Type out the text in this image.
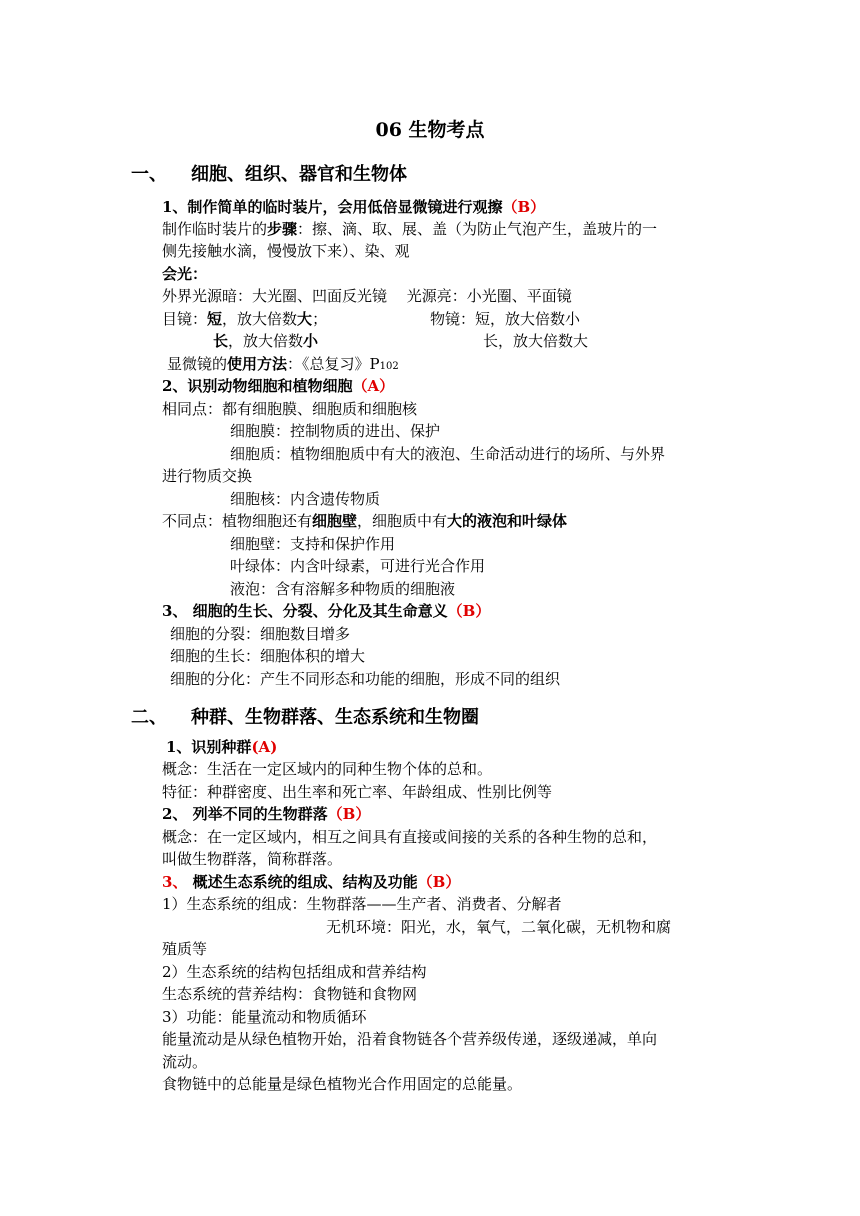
06 生物考点
一、 细胞、组织、器官和生物体
1、制作简单的临时装片，会用低倍显微镜进行观擦（B）
制作临时装片的步骤：擦、滴、取、展、盖（为防止气泡产生，盖玻片的一
侧先接触水滴，慢慢放下来）、染、观
会光：
外界光源暗：大光圈、凹面反光镜　 光源亮：小光圈、平面镜
目镜：短，放大倍数大；	物镜：短，放大倍数小
长，放大倍数小	长，放大倍数大
显微镜的使用方法：《总复习》P102
2、识别动物细胞和植物细胞（A）
相同点：都有细胞膜、细胞质和细胞核
细胞膜：控制物质的进出、保护
细胞质：植物细胞质中有大的液泡、生命活动进行的场所、与外界
进行物质交换
细胞核：内含遗传物质
不同点：植物细胞还有细胞壁，细胞质中有大的液泡和叶绿体
细胞壁：支持和保护作用
叶绿体：内含叶绿素，可进行光合作用
液泡：含有溶解多种物质的细胞液
3、 细胞的生长、分裂、分化及其生命意义（B）
细胞的分裂：细胞数目增多
细胞的生长：细胞体积的增大
细胞的分化：产生不同形态和功能的细胞，形成不同的组织
二、 种群、生物群落、生态系统和生物圈
1、识别种群(A)
概念：生活在一定区域内的同种生物个体的总和。
特征：种群密度、出生率和死亡率、年龄组成、性别比例等
2、 列举不同的生物群落（B）
概念：在一定区域内，相互之间具有直接或间接的关系的各种生物的总和，
叫做生物群落，简称群落。
3、 概述生态系统的组成、结构及功能（B）
1）生态系统的组成：生物群落——生产者、消费者、分解者
无机环境：阳光，水，氧气，二氧化碳，无机物和腐
殖质等
2）生态系统的结构包括组成和营养结构
生态系统的营养结构：食物链和食物网
3）功能：能量流动和物质循环
能量流动是从绿色植物开始，沿着食物链各个营养级传递，逐级递减，单向
流动。
食物链中的总能量是绿色植物光合作用固定的总能量。
